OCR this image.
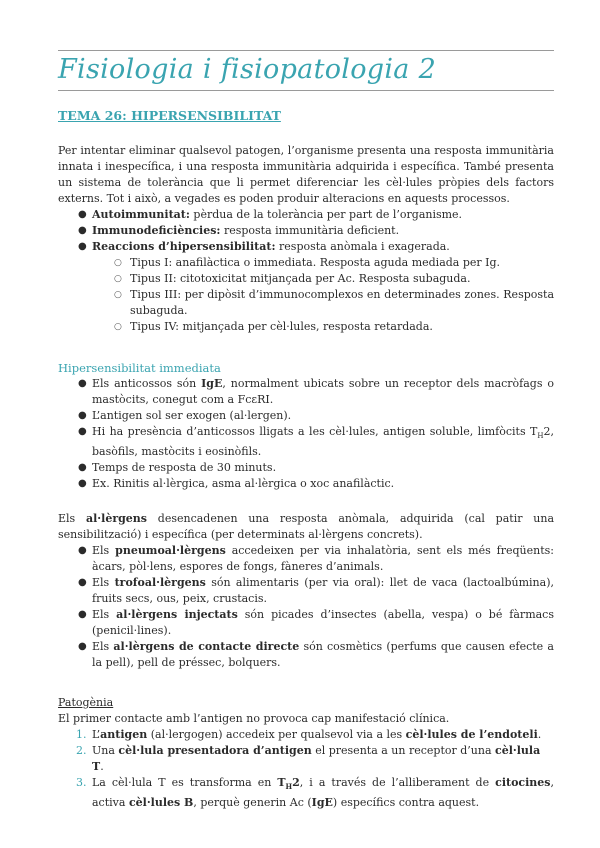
Fisiologia i fisiopatologia 2
TEMA 26: HIPERSENSIBILITAT

Per intentar eliminar qualsevol patogen, l’organisme presenta una resposta immunitària innata i inespecífica, i una resposta immunitària adquirida i específica. També presenta un sistema de tolerància que li permet diferenciar les cèl·lules pròpies dels factors externs. Tot i això, a vegades es poden produir alteracions en aquests processos.

● Autoimmunitat: pèrdua de la tolerància per part de l’organisme.
● Immunodeficiències: resposta immunitària deficient.
● Reaccions d’hipersensibilitat: resposta anòmala i exagerada.
○ Tipus I: anafilàctica o immediata. Resposta aguda mediada per Ig.
○ Tipus II: citotoxicitat mitjançada per Ac. Resposta subaguda.
○ Tipus III: per dipòsit d’immunocomplexos en determinades zones. Resposta subaguda.
○ Tipus IV: mitjançada per cèl·lules, resposta retardada.
Hipersensibilitat immediata
● Els anticossos són IgE, normalment ubicats sobre un receptor dels macròfags o mastòcits, conegut com a FcεRI.
● L’antigen sol ser exogen (al·lergen).
● Hi ha presència d’anticossos lligats a les cèl·lules, antigen soluble, limfòcits $T_H2$, basòfils, mastòcits i eosinòfils.
● Temps de resposta de 30 minuts.
● Ex. Rinitis al·lèrgica, asma al·lèrgica o xoc anafilàctic.

Els al·lèrgens desencadenen una resposta anòmala, adquirida (cal patir una sensibilització) i específica (per determinats al·lèrgens concrets).

● Els pneumoal·lèrgens accedeixen per via inhalatòria, sent els més freqüents: àcars, pòl·lens, espores de fongs, fàneres d’animals.
● Els trofoal·lèrgens són alimentaris (per via oral): llet de vaca (lactoalbúmina), fruits secs, ous, peix, crustacis.
● Els al·lèrgens injectats són picades d’insectes (abella, vespa) o bé fàrmacs (penicil·lines).
● Els al·lèrgens de contacte directe són cosmètics (perfums que causen efecte a la pell), pell de préssec, bolquers.
Patogènia

El primer contacte amb l’antigen no provoca cap manifestació clínica.

1. L’antigen (al·lergogen) accedeix per qualsevol via a les cèl·lules de l’endoteli.
2. Una cèl·lula presentadora d’antigen el presenta a un receptor d’una cèl·lula T.
3. La cèl·lula T es transforma en $T_H2$, i a través de l’alliberament de citocines, activa cèl·lules B, perquè generin Ac (IgE) específics contra aquest.
